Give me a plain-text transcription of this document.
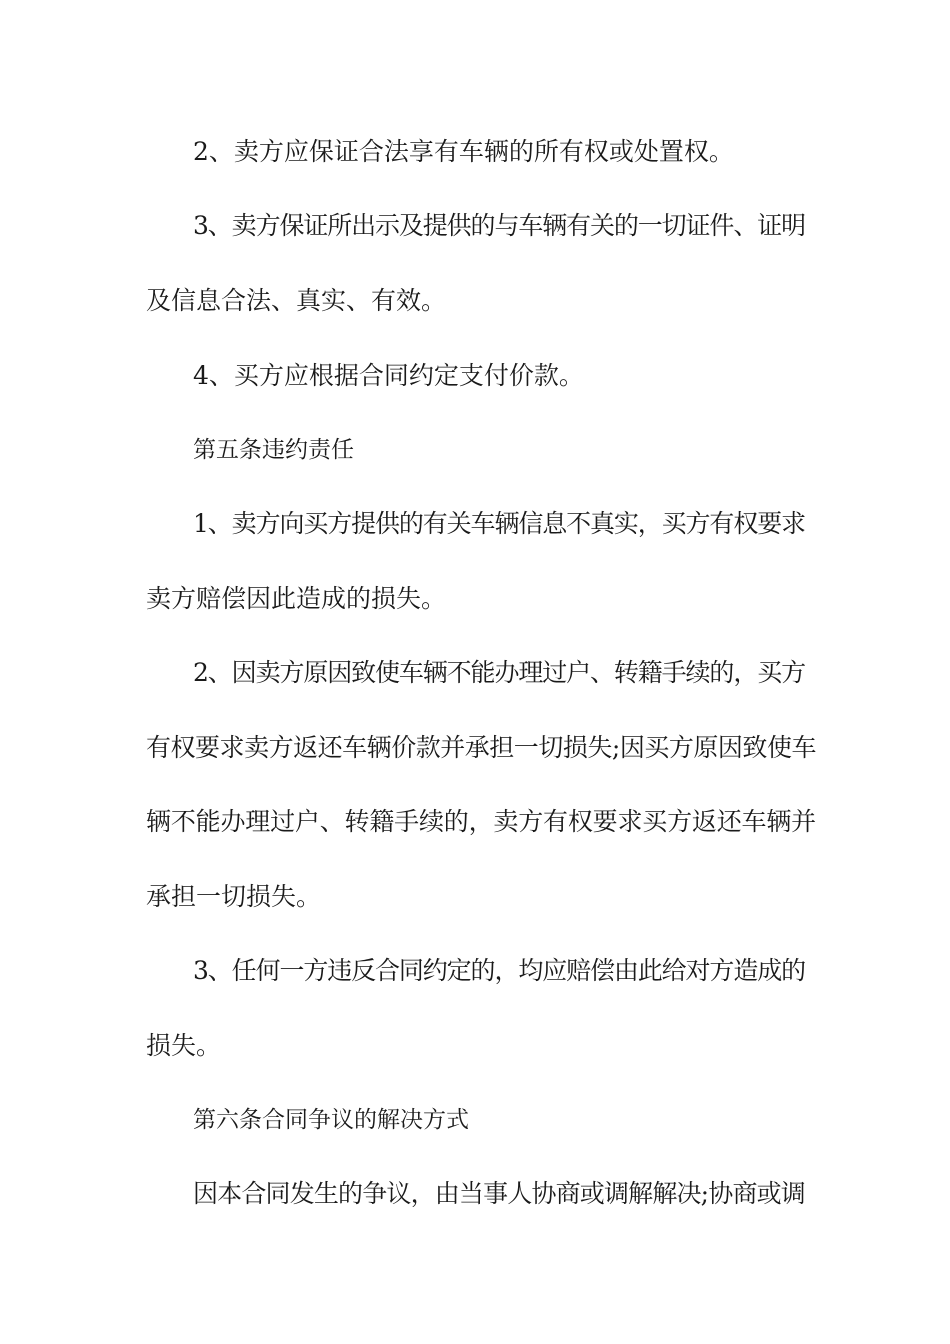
2、卖方应保证合法享有车辆的所有权或处置权。
3、卖方保证所出示及提供的与车辆有关的一切证件、证明
及信息合法、真实、有效。
4、买方应根据合同约定支付价款。
第五条违约责任
1、卖方向买方提供的有关车辆信息不真实，买方有权要求
卖方赔偿因此造成的损失。
2、因卖方原因致使车辆不能办理过户、转籍手续的，买方
有权要求卖方返还车辆价款并承担一切损失;因买方原因致使车
辆不能办理过户、转籍手续的，卖方有权要求买方返还车辆并
承担一切损失。
3、任何一方违反合同约定的，均应赔偿由此给对方造成的
损失。
第六条合同争议的解决方式
因本合同发生的争议，由当事人协商或调解解决;协商或调
